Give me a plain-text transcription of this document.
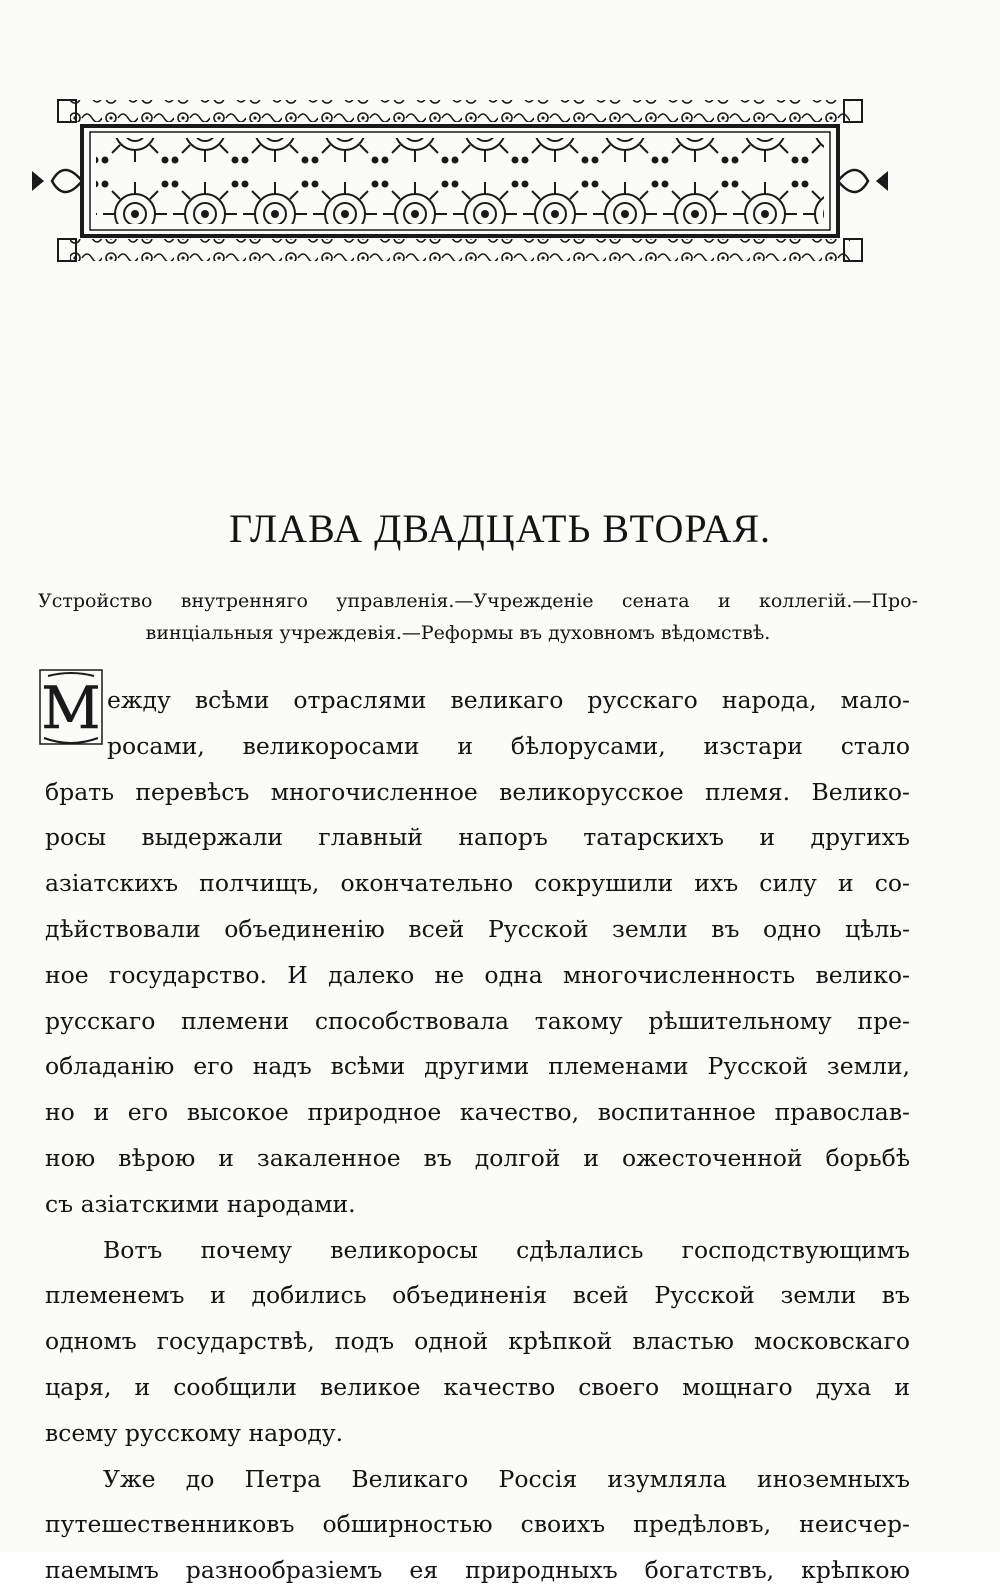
ГЛАВА ДВАДЦАТЬ ВТОРАЯ.
Устройство внутренняго управленія.—Учрежденіе сената и коллегій.—Про-
винціальныя учреждевія.—Реформы въ духовномъ вѣдомствѣ.
М ежду всѣми отраслями великаго русскаго народа, мало-
росами, великоросами и бѣлорусами, изстари стало
брать перевѣсъ многочисленное великорусское племя. Велико-
росы выдержали главный напоръ татарскихъ и другихъ
азіатскихъ полчищъ, окончательно сокрушили ихъ силу и со-
дѣйствовали объединенію всей Русской земли въ одно цѣль-
ное государство. И далеко не одна многочисленность велико-
русскаго племени способствовала такому рѣшительному пре-
обладанію его надъ всѣми другими племенами Русской земли,
но и его высокое природное качество, воспитанное православ-
ною вѣрою и закаленное въ долгой и ожесточенной борьбѣ
съ азіатскими народами.
Вотъ почему великоросы сдѣлались господствующимъ
племенемъ и добились объединенія всей Русской земли въ
одномъ государствѣ, подъ одной крѣпкой властью московскаго
царя, и сообщили великое качество своего мощнаго духа и
всему русскому народу.
Уже до Петра Великаго Россія изумляла иноземныхъ
путешественниковъ обширностью своихъ предѣловъ, неисчер-
паемымъ разнообразіемъ ея природныхъ богатствъ, крѣпкою
